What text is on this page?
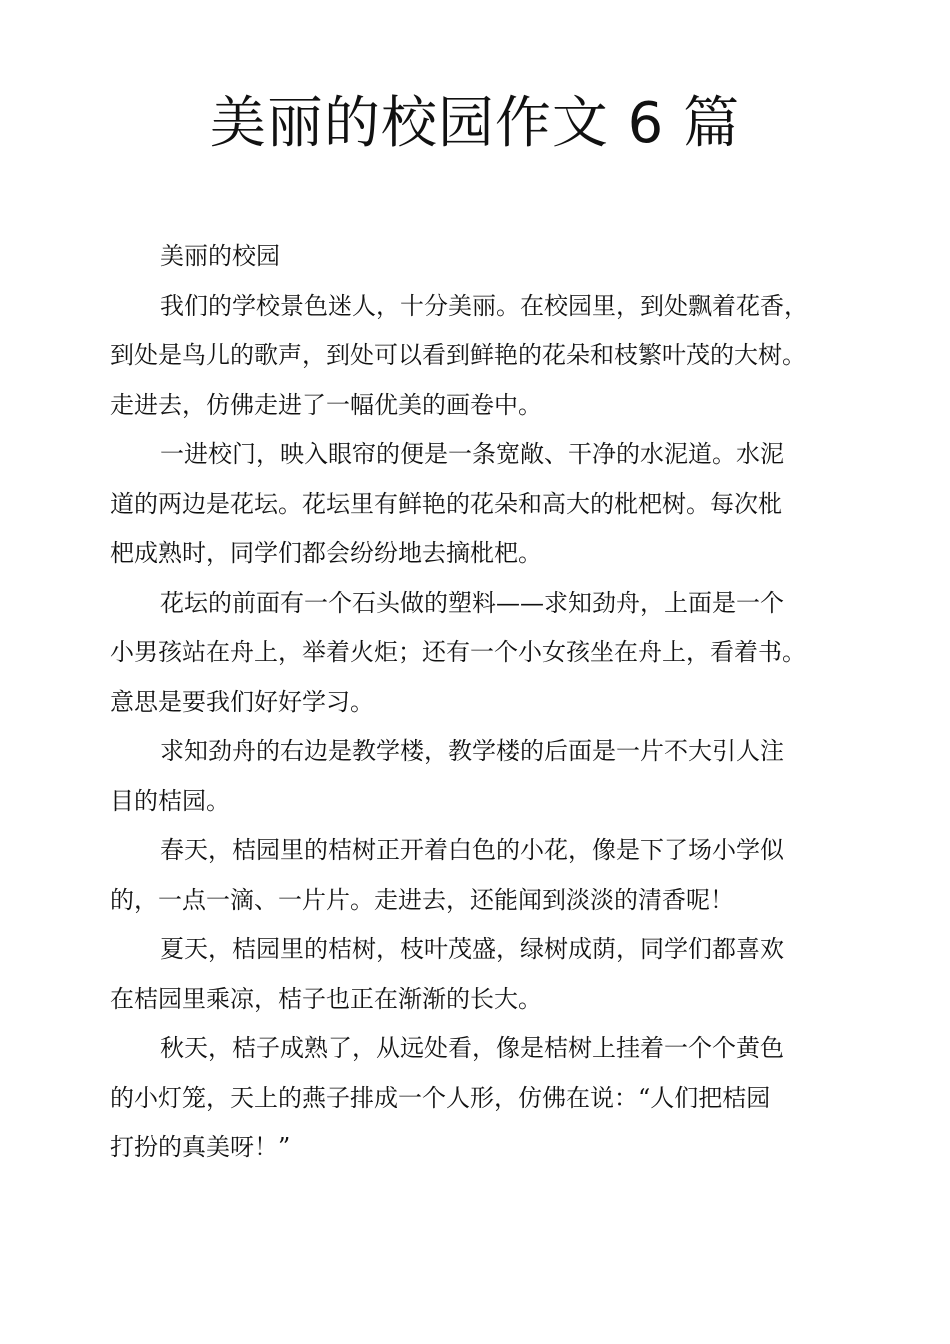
美丽的校园作文 6 篇
美丽的校园
我们的学校景色迷人，十分美丽。在校园里，到处飘着花香，
到处是鸟儿的歌声，到处可以看到鲜艳的花朵和枝繁叶茂的大树。
走进去，仿佛走进了一幅优美的画卷中。
一进校门，映入眼帘的便是一条宽敞、干净的水泥道。水泥
道的两边是花坛。花坛里有鲜艳的花朵和高大的枇杷树。每次枇
杷成熟时，同学们都会纷纷地去摘枇杷。
花坛的前面有一个石头做的塑料——求知劲舟，上面是一个
小男孩站在舟上，举着火炬；还有一个小女孩坐在舟上，看着书。
意思是要我们好好学习。
求知劲舟的右边是教学楼，教学楼的后面是一片不大引人注
目的桔园。
春天，桔园里的桔树正开着白色的小花，像是下了场小学似
的，一点一滴、一片片。走进去，还能闻到淡淡的清香呢！
夏天，桔园里的桔树，枝叶茂盛，绿树成荫，同学们都喜欢
在桔园里乘凉，桔子也正在渐渐的长大。
秋天，桔子成熟了，从远处看，像是桔树上挂着一个个黄色
的小灯笼，天上的燕子排成一个人形，仿佛在说：“人们把桔园
打扮的真美呀！”
